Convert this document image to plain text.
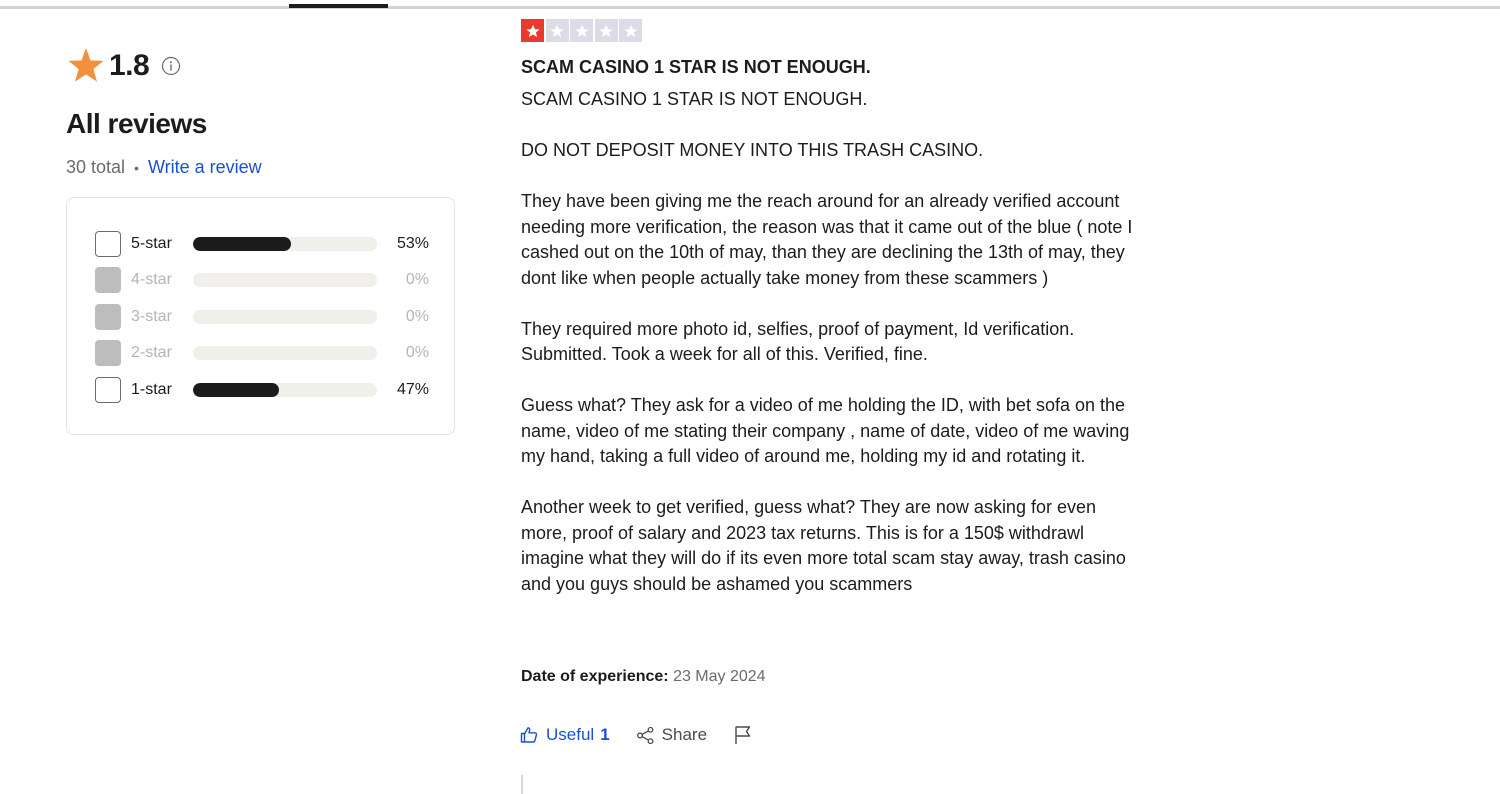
1.8
All reviews
30 total • Write a review
5-star	53%
4-star	0%
3-star	0%
2-star	0%
1-star	47%
SCAM CASINO 1 STAR IS NOT ENOUGH.

SCAM CASINO 1 STAR IS NOT ENOUGH.

DO NOT DEPOSIT MONEY INTO THIS TRASH CASINO.

They have been giving me the reach around for an already verified account needing more verification, the reason was that it came out of the blue ( note I cashed out on the 10th of may, than they are declining the 13th of may, they dont like when people actually take money from these scammers )

They required more photo id, selfies, proof of payment, Id verification. Submitted. Took a week for all of this. Verified, fine.

Guess what? They ask for a video of me holding the ID, with bet sofa on the name, video of me stating their company , name of date, video of me waving my hand, taking a full video of around me, holding my id and rotating it.

Another week to get verified, guess what? They are now asking for even more, proof of salary and 2023 tax returns. This is for a 150$ withdrawl imagine what they will do if its even more total scam stay away, trash casino and you guys should be ashamed you scammers

Date of experience: 23 May 2024
Useful 1	Share
